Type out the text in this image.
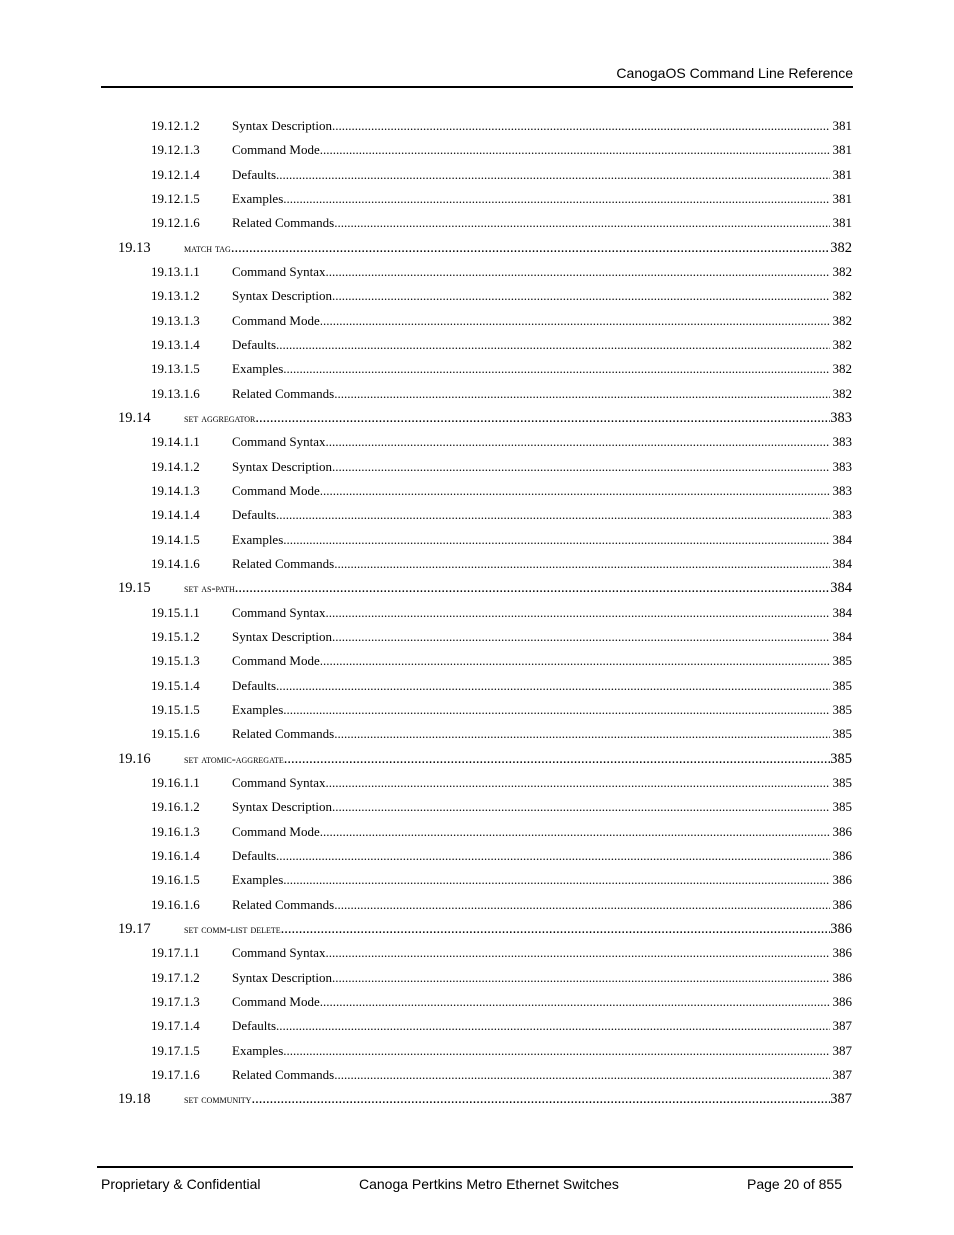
CanogaOS Command Line Reference
19.12.1.2 Syntax Description .....	381
19.12.1.3 Command Mode .....	381
19.12.1.4 Defaults .....	381
19.12.1.5 Examples .....	381
19.12.1.6 Related Commands .....	381
19.13	match tag .....	382
19.13.1.1 Command Syntax .....	382
19.13.1.2 Syntax Description .....	382
19.13.1.3 Command Mode .....	382
19.13.1.4 Defaults .....	382
19.13.1.5 Examples .....	382
19.13.1.6 Related Commands .....	382
19.14	set aggregator .....	383
19.14.1.1 Command Syntax .....	383
19.14.1.2 Syntax Description .....	383
19.14.1.3 Command Mode .....	383
19.14.1.4 Defaults .....	383
19.14.1.5 Examples .....	384
19.14.1.6 Related Commands .....	384
19.15	set as-path .....	384
19.15.1.1 Command Syntax .....	384
19.15.1.2 Syntax Description .....	384
19.15.1.3 Command Mode .....	385
19.15.1.4 Defaults .....	385
19.15.1.5 Examples .....	385
19.15.1.6 Related Commands .....	385
19.16	set atomic-aggregate .....	385
19.16.1.1 Command Syntax .....	385
19.16.1.2 Syntax Description .....	385
19.16.1.3 Command Mode .....	386
19.16.1.4 Defaults .....	386
19.16.1.5 Examples .....	386
19.16.1.6 Related Commands .....	386
19.17	set comm-list delete .....	386
19.17.1.1 Command Syntax .....	386
19.17.1.2 Syntax Description .....	386
19.17.1.3 Command Mode .....	386
19.17.1.4 Defaults .....	387
19.17.1.5 Examples .....	387
19.17.1.6 Related Commands .....	387
19.18	set community .....	387
Proprietary & Confidential	Canoga Pertkins Metro Ethernet Switches	Page 20 of 855
